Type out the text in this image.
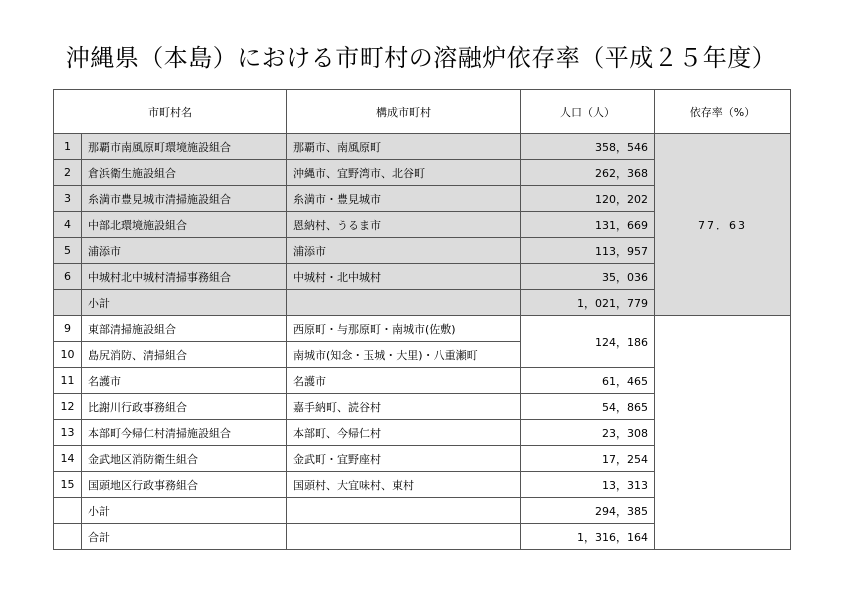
沖縄県（本島）における市町村の溶融炉依存率（平成２５年度）
市町村名		構成市町村	人口（人）	依存率（%）
1	那覇市南風原町環境施設組合	那覇市、南風原町	358，546	77．63
2	倉浜衛生施設組合	沖縄市、宜野湾市、北谷町	262，368	
3	糸満市豊見城市清掃施設組合	糸満市・豊見城市	120，202	
4	中部北環境施設組合	恩納村、うるま市	131，669	
5	浦添市	浦添市	113，957	
6	中城村北中城村清掃事務組合	中城村・北中城村	35，036	
	小計		1，021，779	
9	東部清掃施設組合	西原町・与那原町・南城市(佐敷)	124，186	
10	島尻消防、清掃組合	南城市(知念・玉城・大里)・八重瀬町		
11	名護市	名護市	61，465	
12	比謝川行政事務組合	嘉手納町、読谷村	54，865	
13	本部町今帰仁村清掃施設組合	本部町、今帰仁村	23，308	
14	金武地区消防衛生組合	金武町・宜野座村	17，254	
15	国頭地区行政事務組合	国頭村、大宜味村、東村	13，313	
	小計		294，385	
	合計		1，316，164	
